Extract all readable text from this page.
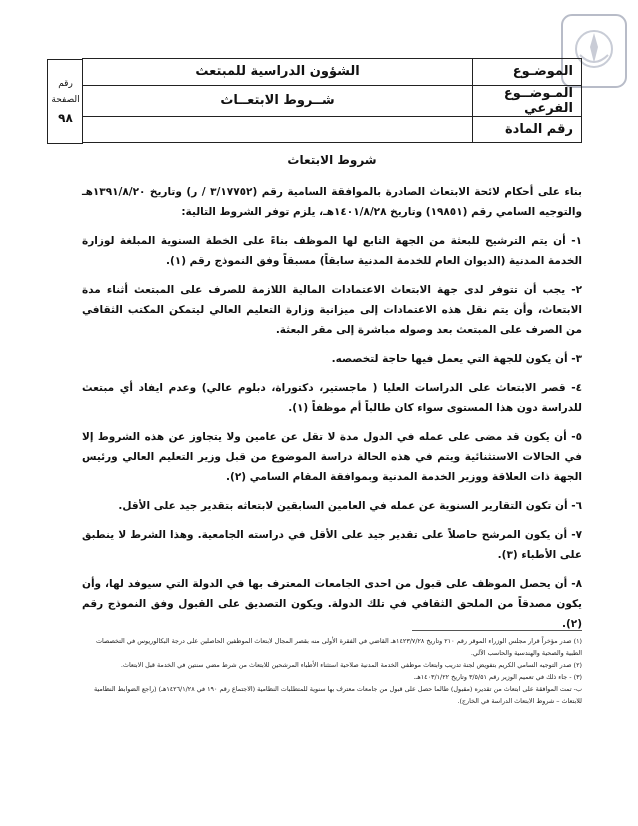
الموضـوع
الشؤون الدراسية للمبتعث
المـوضــوع الفرعي
شــروط الابتعــاث
رقم المادة
رقم
الصفحة
٩٨
شروط الابتعاث

بناء على أحكام لائحة الابتعاث الصادرة بالموافقة السامية رقم (٣/١٧٧٥٢ / ر) وتاريخ ١٣٩١/٨/٢٠هـ والتوجيه السامي رقم (١٩٨٥١) وتاريخ ١٤٠١/٨/٢٨هـ، يلزم توفر الشروط التالية:

١- أن يتم الترشيح للبعثة من الجهة التابع لها الموظف بناءً على الخطة السنوية المبلغة لوزارة الخدمة المدنية (الديوان العام للخدمة المدنية سابقاً) مسبقاً وفق النموذج رقم (١).

٢- يجب أن تتوفر لدى جهة الابتعاث الاعتمادات المالية اللازمة للصرف على المبتعث أثناء مدة الابتعاث، وأن يتم نقل هذه الاعتمادات إلى ميزانية وزارة التعليم العالي ليتمكن المكتب الثقافي من الصرف على المبتعث بعد وصوله مباشرة إلى مقر البعثة.

٣- أن يكون للجهة التي يعمل فيها حاجة لتخصصه.

٤- قصر الابتعاث على الدراسات العليا ( ماجستير، دكتوراة، دبلوم عالي) وعدم ايفاد أي مبتعث للدراسة دون هذا المستوى سواء كان طالباً أم موظفاً (١).

٥- أن يكون قد مضى على عمله في الدول مدة لا تقل عن عامين ولا يتجاوز عن هذه الشروط إلا في الحالات الاستثنائية ويتم في هذه الحالة دراسة الموضوع من قبل وزير التعليم العالي ورئيس الجهة ذات العلاقة ووزير الخدمة المدنية وبموافقة المقام السامي (٢).

٦- أن تكون التقارير السنوية عن عمله في العامين السابقين لابتعاثه بتقدير جيد على الأقل.

٧- أن يكون المرشح حاصلاً على تقدير جيد على الأقل في دراسته الجامعية. وهذا الشرط لا ينطبق على الأطباء (٣).

٨- أن يحصل الموظف على قبول من احدى الجامعات المعترف بها في الدولة التي سيوفد لها، وأن يكون مصدقاً من الملحق الثقافي في تلك الدولة. ويكون التصديق على القبول وفق النموذج رقم (٢).

(١) صدر مؤخراً قرار مجلس الوزراء الموقر رقم ٢١٠ وتاريخ ١٤٢٣/٧/٢٨هـ القاضي في الفقرة الأولى منه بقصر المجال لابتعاث الموظفين الحاصلين على درجة البكالوريوس في التخصصات الطبية والصحية والهندسية والحاسب الآلي.
(٢) صدر التوجيه السامي الكريم بتفويض لجنة تدريب وابتعاث موظفي الخدمة المدنية صلاحية استثناء الأطباء المرشحين للابتعاث من شرط مضي سنتين في الخدمة قبل الابتعاث.
(٣) - جاء ذلك في تعميم الوزير رقم ٣/٥/٥١ وتاريخ ١٤٠٣/١/٢٢هـ.
ب- تمت الموافقة على ابتعاث من تقديره (مقبول) طالما حصل على قبول من جامعات معترف بها سنوية للمتطلبات النظامية (الاجتماع رقم ١٩٠ في ١٤٢٦/١/٢٨هـ) (راجع الضوابط النظامية للابتعاث – شروط الابتعاث الدراسة في الخارج).
